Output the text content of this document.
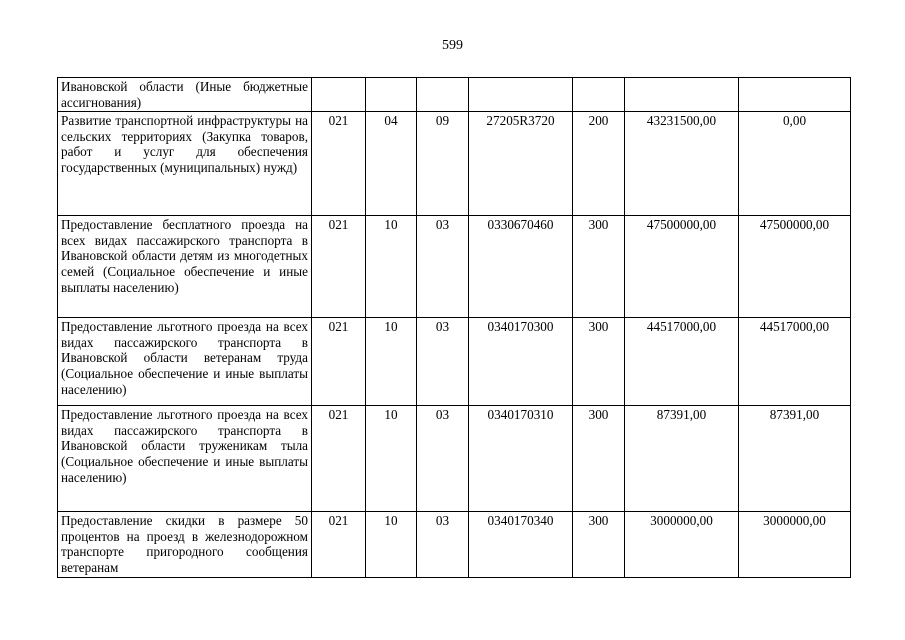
599
Ивановской области (Иные бюджетные ассигнования)							
Развитие транспортной инфраструктуры на сельских территориях (Закупка товаров, работ и услуг для обеспечения государственных (муниципальных) нужд)	021	04	09	27205R3720	200	43231500,00	0,00
Предоставление бесплатного проезда на всех видах пассажирского транспорта в Ивановской области детям из многодетных семей (Социальное обеспечение и иные выплаты населению)	021	10	03	0330670460	300	47500000,00	47500000,00
Предоставление льготного проезда на всех видах пассажирского транспорта в Ивановской области ветеранам труда (Социальное обеспечение и иные выплаты населению)	021	10	03	0340170300	300	44517000,00	44517000,00
Предоставление льготного проезда на всех видах пассажирского транспорта в Ивановской области труженикам тыла (Социальное обеспечение и иные выплаты населению)	021	10	03	0340170310	300	87391,00	87391,00
Предоставление скидки в размере 50 процентов на проезд в железнодорожном транспорте пригородного сообщения ветеранам	021	10	03	0340170340	300	3000000,00	3000000,00
